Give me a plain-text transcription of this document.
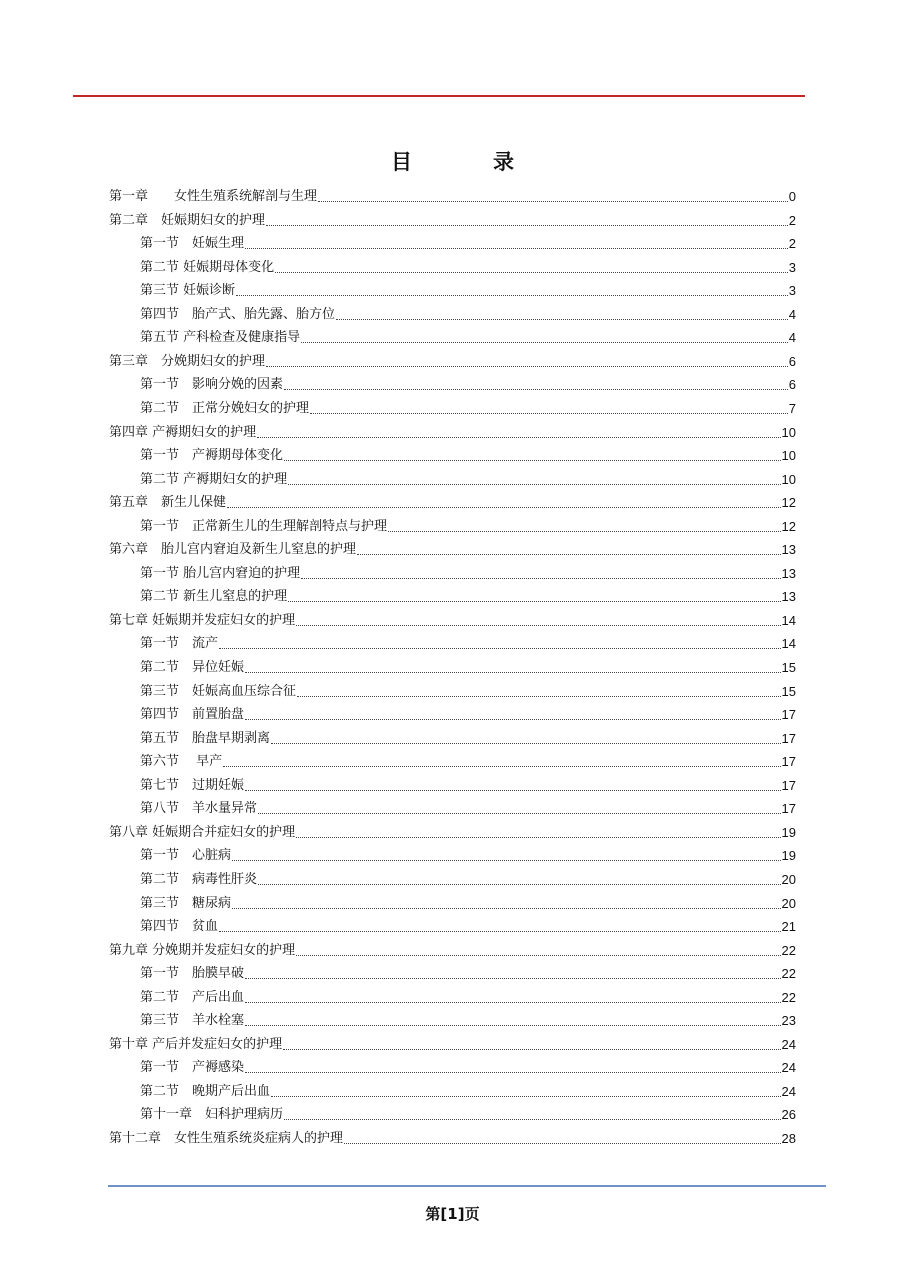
目　录
第一章　　女性生殖系统解剖与生理	0
第二章　妊娠期妇女的护理	2
第一节　妊娠生理	2
第二节 妊娠期母体变化	3
第三节 妊娠诊断	3
第四节　胎产式、胎先露、胎方位	4
第五节 产科检查及健康指导	4
第三章　分娩期妇女的护理	6
第一节　影响分娩的因素	6
第二节　正常分娩妇女的护理	7
第四章 产褥期妇女的护理	10
第一节　产褥期母体变化	10
第二节 产褥期妇女的护理	10
第五章　新生儿保健	12
第一节　正常新生儿的生理解剖特点与护理	12
第六章　胎儿宫内窘迫及新生儿窒息的护理	13
第一节 胎儿宫内窘迫的护理	13
第二节 新生儿窒息的护理	13
第七章 妊娠期并发症妇女的护理	14
第一节　流产	14
第二节　异位妊娠	15
第三节　妊娠高血压综合征	15
第四节　前置胎盘	17
第五节　胎盘早期剥离	17
第六节　 早产	17
第七节　过期妊娠	17
第八节　羊水量异常	17
第八章 妊娠期合并症妇女的护理	19
第一节　心脏病	19
第二节　病毒性肝炎	20
第三节　糖尿病	20
第四节　贫血	21
第九章 分娩期并发症妇女的护理	22
第一节　胎膜早破	22
第二节　产后出血	22
第三节　羊水栓塞	23
第十章 产后并发症妇女的护理	24
第一节　产褥感染	24
第二节　晚期产后出血	24
第十一章　妇科护理病历	26
第十二章　女性生殖系统炎症病人的护理	28
第[1]页
